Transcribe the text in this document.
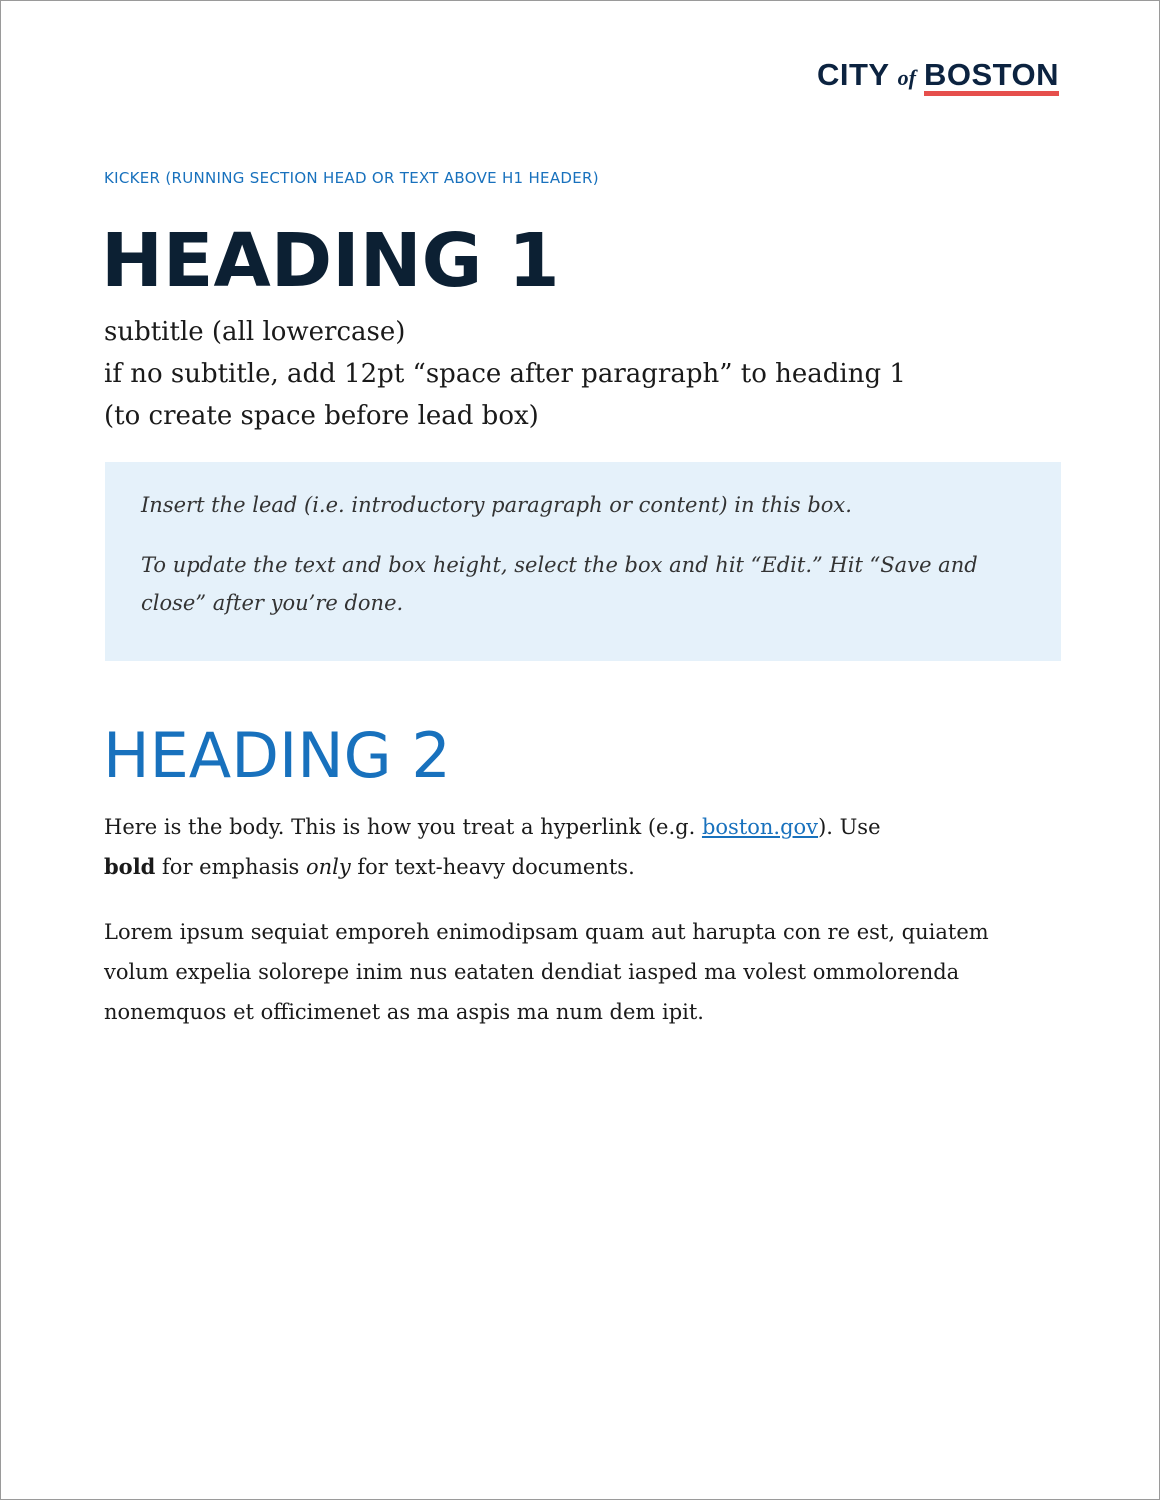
CITY of BOSTON
KICKER (RUNNING SECTION HEAD OR TEXT ABOVE H1 HEADER)
HEADING 1
subtitle (all lowercase)
if no subtitle, add 12pt “space after paragraph” to heading 1
(to create space before lead box)

Insert the lead (i.e. introductory paragraph or content) in this box.

To update the text and box height, select the box and hit “Edit.” Hit “Save and close” after you’re done.

HEADING 2

Here is the body. This is how you treat a hyperlink (e.g. boston.gov). Use
bold for emphasis only for text-heavy documents.

Lorem ipsum sequiat emporeh enimodipsam quam aut harupta con re est, quiatem volum expelia solorepe inim nus eataten dendiat iasped ma volest ommolorenda nonemquos et officimenet as ma aspis ma num dem ipit.
